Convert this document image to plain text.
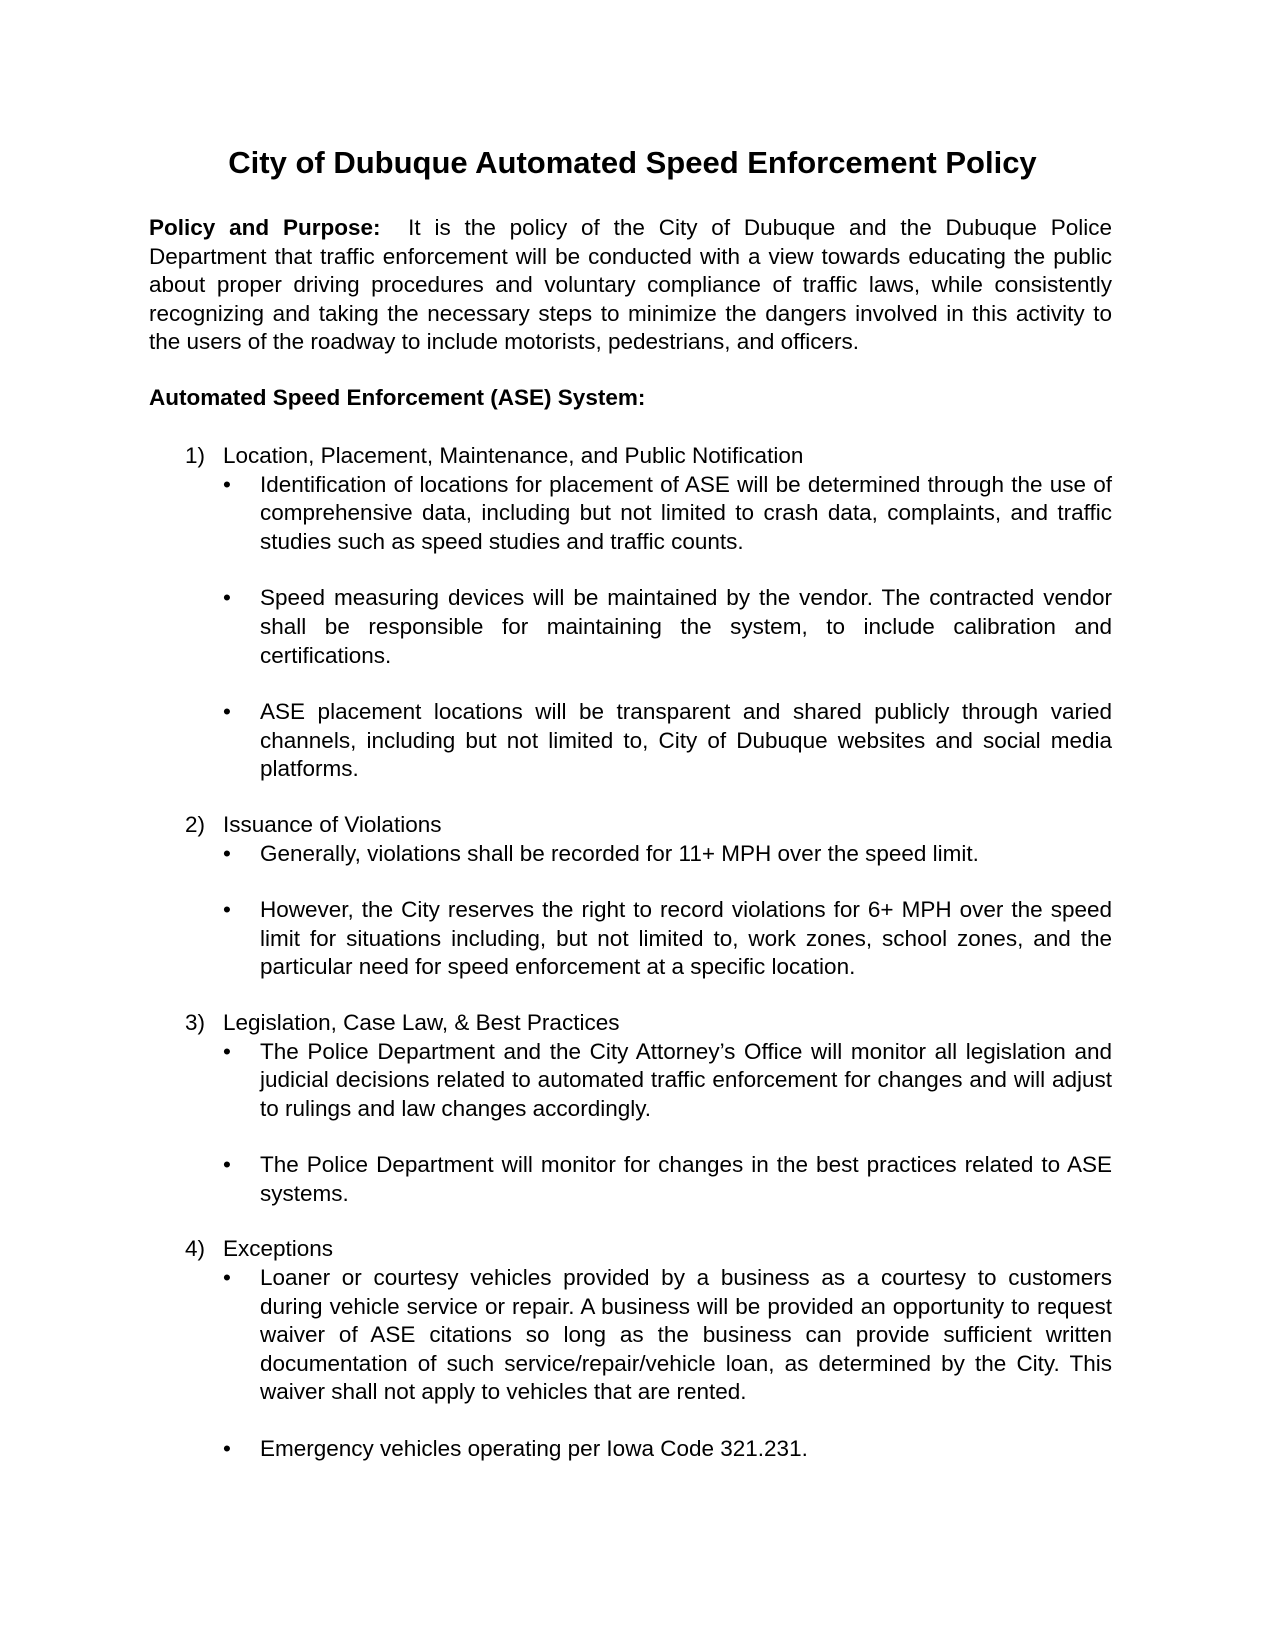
City of Dubuque Automated Speed Enforcement Policy

Policy and Purpose: It is the policy of the City of Dubuque and the Dubuque Police Department that traffic enforcement will be conducted with a view towards educating the public about proper driving procedures and voluntary compliance of traffic laws, while consistently recognizing and taking the necessary steps to minimize the dangers involved in this activity to the users of the roadway to include motorists, pedestrians, and officers.

Automated Speed Enforcement (ASE) System:
1) Location, Placement, Maintenance, and Public Notification
• Identification of locations for placement of ASE will be determined through the use of comprehensive data, including but not limited to crash data, complaints, and traffic studies such as speed studies and traffic counts.
• Speed measuring devices will be maintained by the vendor. The contracted vendor shall be responsible for maintaining the system, to include calibration and certifications.
• ASE placement locations will be transparent and shared publicly through varied channels, including but not limited to, City of Dubuque websites and social media platforms.
2) Issuance of Violations
• Generally, violations shall be recorded for 11+ MPH over the speed limit.
• However, the City reserves the right to record violations for 6+ MPH over the speed limit for situations including, but not limited to, work zones, school zones, and the particular need for speed enforcement at a specific location.
3) Legislation, Case Law, & Best Practices
• The Police Department and the City Attorney’s Office will monitor all legislation and judicial decisions related to automated traffic enforcement for changes and will adjust to rulings and law changes accordingly.
• The Police Department will monitor for changes in the best practices related to ASE systems.
4) Exceptions
• Loaner or courtesy vehicles provided by a business as a courtesy to customers during vehicle service or repair. A business will be provided an opportunity to request waiver of ASE citations so long as the business can provide sufficient written documentation of such service/repair/vehicle loan, as determined by the City. This waiver shall not apply to vehicles that are rented.
• Emergency vehicles operating per Iowa Code 321.231.
